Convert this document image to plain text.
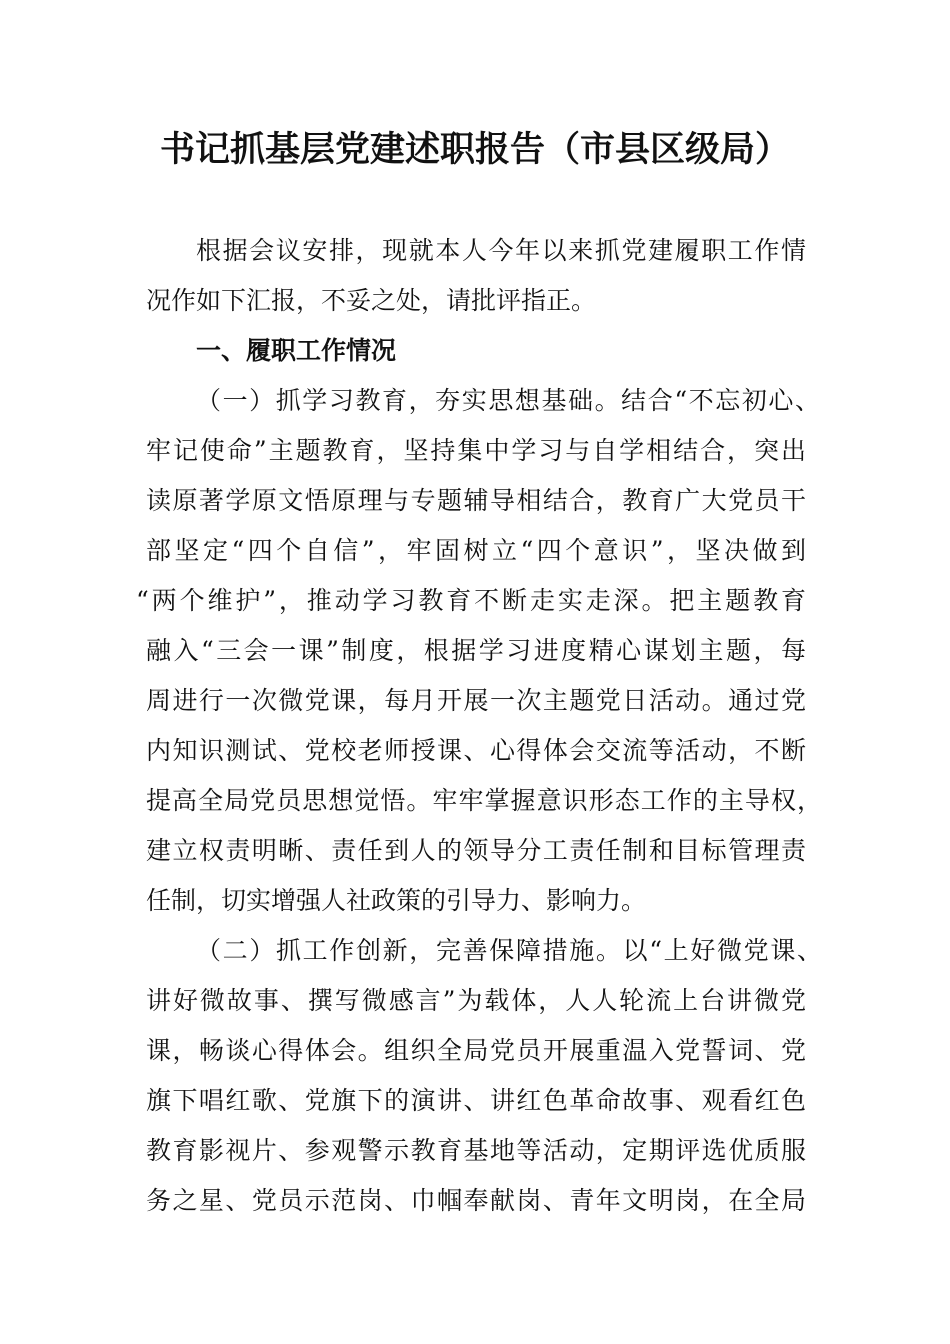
书记抓基层党建述职报告（市县区级局）
根据会议安排，现就本人今年以来抓党建履职工作情
况作如下汇报，不妥之处，请批评指正。
一、履职工作情况
（一）抓学习教育，夯实思想基础。结合“不忘初心、
牢记使命”主题教育，坚持集中学习与自学相结合，突出
读原著学原文悟原理与专题辅导相结合，教育广大党员干
部坚定“四个自信”，牢固树立“四个意识”，坚决做到
“两个维护”，推动学习教育不断走实走深。把主题教育
融入“三会一课”制度，根据学习进度精心谋划主题，每
周进行一次微党课，每月开展一次主题党日活动。通过党
内知识测试、党校老师授课、心得体会交流等活动，不断
提高全局党员思想觉悟。牢牢掌握意识形态工作的主导权，
建立权责明晰、责任到人的领导分工责任制和目标管理责
任制，切实增强人社政策的引导力、影响力。
（二）抓工作创新，完善保障措施。以“上好微党课、
讲好微故事、撰写微感言”为载体，人人轮流上台讲微党
课，畅谈心得体会。组织全局党员开展重温入党誓词、党
旗下唱红歌、党旗下的演讲、讲红色革命故事、观看红色
教育影视片、参观警示教育基地等活动，定期评选优质服
务之星、党员示范岗、巾帼奉献岗、青年文明岗，在全局
